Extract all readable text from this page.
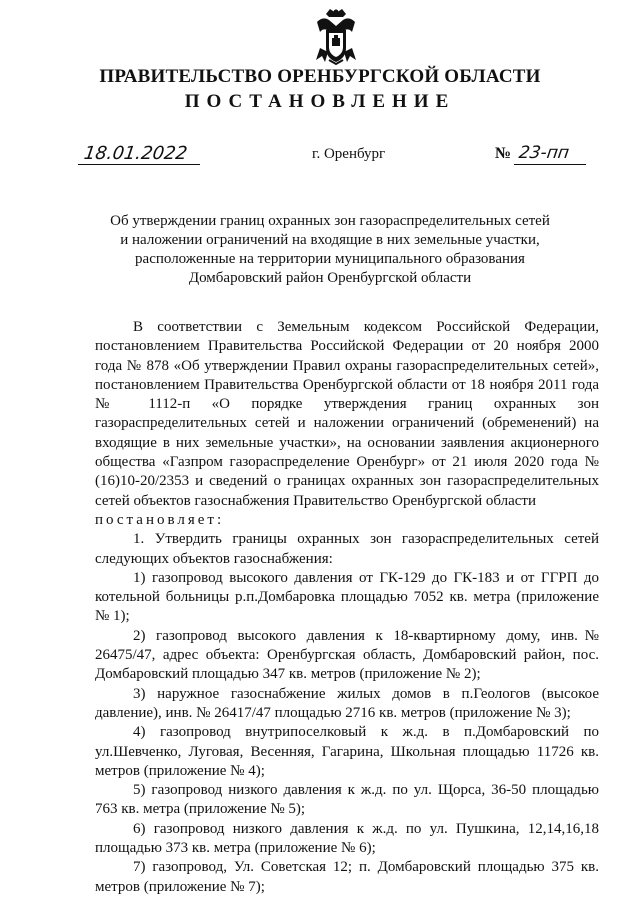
ПРАВИТЕЛЬСТВО ОРЕНБУРГСКОЙ ОБЛАСТИ
ПОСТАНОВЛЕНИЕ
18.01.2022	г. Оренбург	№ 23-пп
Об утверждении границ охранных зон газораспределительных сетей
и наложении ограничений на входящие в них земельные участки,
расположенные на территории муниципального образования
Домбаровский район Оренбургской области

В соответствии с Земельным кодексом Российской Федерации, постановлением Правительства Российской Федерации от 20 ноября 2000 года № 878 «Об утверждении Правил охраны газораспределительных сетей», постановлением Правительства Оренбургской области от 18 ноября 2011 года № 1112-п «О порядке утверждения границ охранных зон газораспределительных сетей и наложении ограничений (обременений) на входящие в них земельные участки», на основании заявления акционерного общества «Газпром газораспределение Оренбург» от 21 июля 2020 года № (16)10-20/2353 и сведений о границах охранных зон газораспределительных сетей объектов газоснабжения Правительство Оренбургской области

постановляет:

1. Утвердить границы охранных зон газораспределительных сетей следующих объектов газоснабжения:

1) газопровод высокого давления от ГК-129 до ГК-183 и от ГГРП до котельной больницы р.п.Домбаровка площадью 7052 кв. метра (приложение № 1);

2) газопровод высокого давления к 18-квартирному дому, инв.№ 26475/47, адрес объекта: Оренбургская область, Домбаровский район, пос. Домбаровский площадью 347 кв. метров (приложение № 2);

3) наружное газоснабжение жилых домов в п.Геологов (высокое давление), инв. № 26417/47 площадью 2716 кв. метров (приложение № 3);

4) газопровод внутрипоселковый к ж.д. в п.Домбаровский по ул.Шевченко, Луговая, Весенняя, Гагарина, Школьная площадью 11726 кв. метров (приложение № 4);

5) газопровод низкого давления к ж.д. по ул. Щорса, 36-50 площадью 763 кв. метра (приложение № 5);

6) газопровод низкого давления к ж.д. по ул. Пушкина, 12,14,16,18 площадью 373 кв. метра (приложение № 6);

7) газопровод, Ул. Советская 12; п. Домбаровский площадью 375 кв. метров (приложение № 7);
